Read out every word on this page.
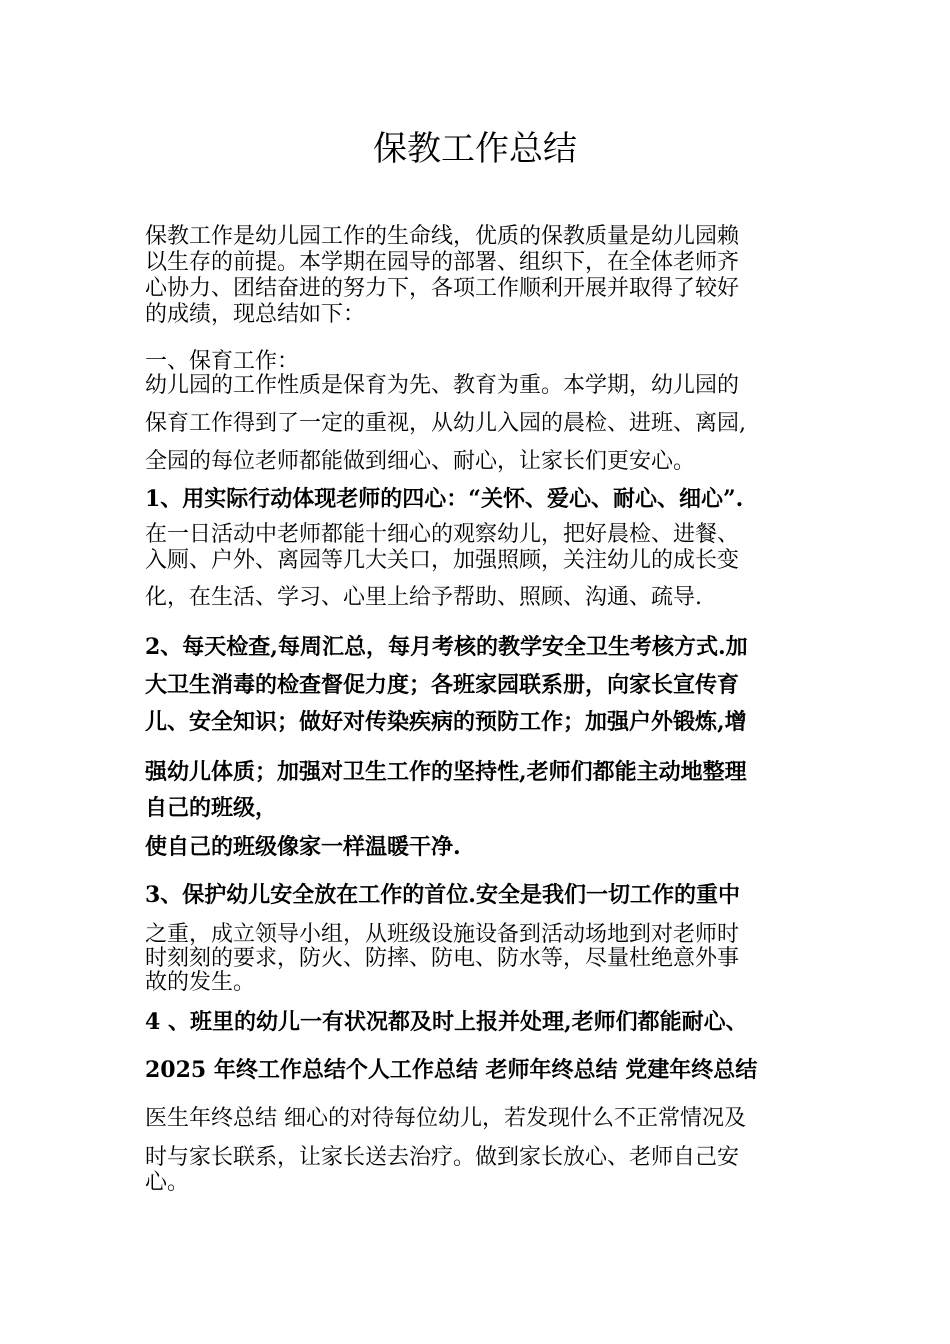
保教工作总结

保教工作是幼儿园工作的生命线，优质的保教质量是幼儿园赖

以生存的前提。本学期在园导的部署、组织下，在全体老师齐

心协力、团结奋进的努力下，各项工作顺利开展并取得了较好

的成绩，现总结如下：

一、保育工作：

幼儿园的工作性质是保育为先、教育为重。本学期，幼儿园的

保育工作得到了一定的重视，从幼儿入园的晨检、进班、离园,

全园的每位老师都能做到细心、耐心，让家长们更安心。

1、用实际行动体现老师的四心：“关怀、爱心、耐心、细心”.

在一日活动中老师都能十细心的观察幼儿，把好晨检、进餐、

入厕、户外、离园等几大关口，加强照顾，关注幼儿的成长变

化，在生活、学习、心里上给予帮助、照顾、沟通、疏导.

2、每天检查,每周汇总，每月考核的教学安全卫生考核方式.加

大卫生消毒的检查督促力度；各班家园联系册，向家长宣传育

儿、安全知识；做好对传染疾病的预防工作；加强户外锻炼,增

强幼儿体质；加强对卫生工作的坚持性,老师们都能主动地整理

自己的班级，

使自己的班级像家一样温暖干净.

3、保护幼儿安全放在工作的首位.安全是我们一切工作的重中

之重，成立领导小组，从班级设施设备到活动场地到对老师时

时刻刻的要求，防火、防摔、防电、防水等，尽量杜绝意外事

故的发生。

4 、班里的幼儿一有状况都及时上报并处理,老师们都能耐心、

2025 年终工作总结个人工作总结 老师年终总结 党建年终总结

医生年终总结 细心的对待每位幼儿，若发现什么不正常情况及

时与家长联系，让家长送去治疗。做到家长放心、老师自己安

心。
